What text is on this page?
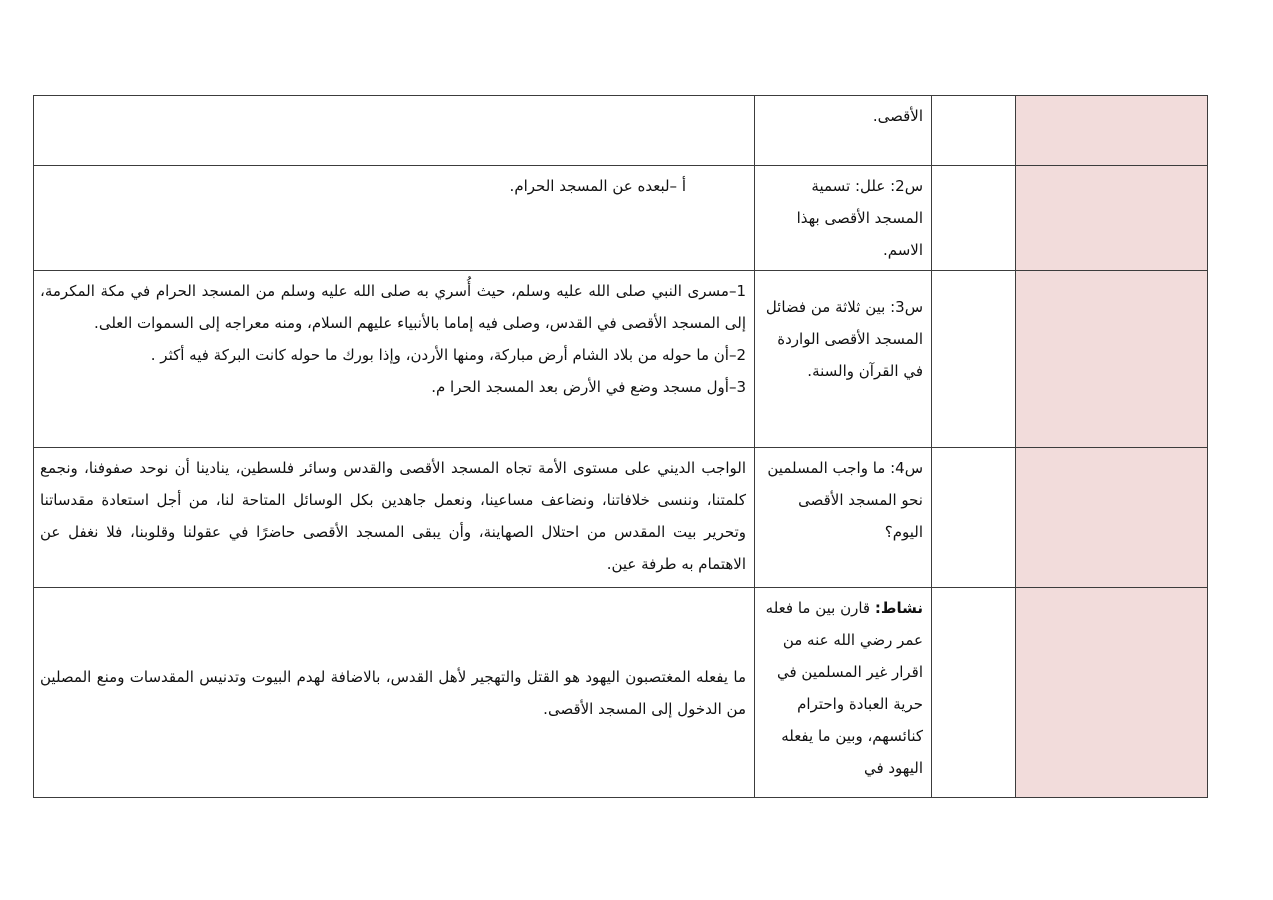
		الأقصى.	
		س2: علل: تسمية المسجد الأقصى بهذا الاسم.	أ –لبعده عن المسجد الحرام.

		س3: بين ثلاثة من فضائل المسجد الأقصى الواردة في القرآن والسنة.	1–مسرى النبي صلى الله عليه وسلم، حيث أُسري به صلى الله عليه وسلم من المسجد الحرام في مكة المكرمة، إلى المسجد الأقصى في القدس، وصلى فيه إماما بالأنبياء عليهم السلام، ومنه معراجه إلى السموات العلى.

2–أن ما حوله من بلاد الشام أرض مباركة، ومنها الأردن، وإذا بورك ما حوله كانت البركة فيه أكثر .

3–أول مسجد وضع في الأرض بعد المسجد الحرا م.

		س4: ما واجب المسلمين نحو المسجد الأقصى اليوم؟	الواجب الديني على مستوى الأمة تجاه المسجد الأقصى والقدس وسائر فلسطين، ينادينا أن نوحد صفوفنا، ونجمع كلمتنا، وننسى خلافاتنا، ونضاعف مساعينا، ونعمل جاهدين بكل الوسائل المتاحة لنا، من أجل استعادة مقدساتنا وتحرير بيت المقدس من احتلال الصهاينة، وأن يبقى المسجد الأقصى حاضرًا في عقولنا وقلوبنا، فلا نغفل عن الاهتمام به طرفة عين.

		نشاط: قارن بين ما فعله عمر رضي الله عنه من اقرار غير المسلمين في حرية العبادة واحترام كنائسهم، وبين ما يفعله اليهود في	ما يفعله المغتصبون اليهود هو القتل والتهجير لأهل القدس، بالاضافة لهدم البيوت وتدنيس المقدسات ومنع المصلين من الدخول إلى المسجد الأقصى.
